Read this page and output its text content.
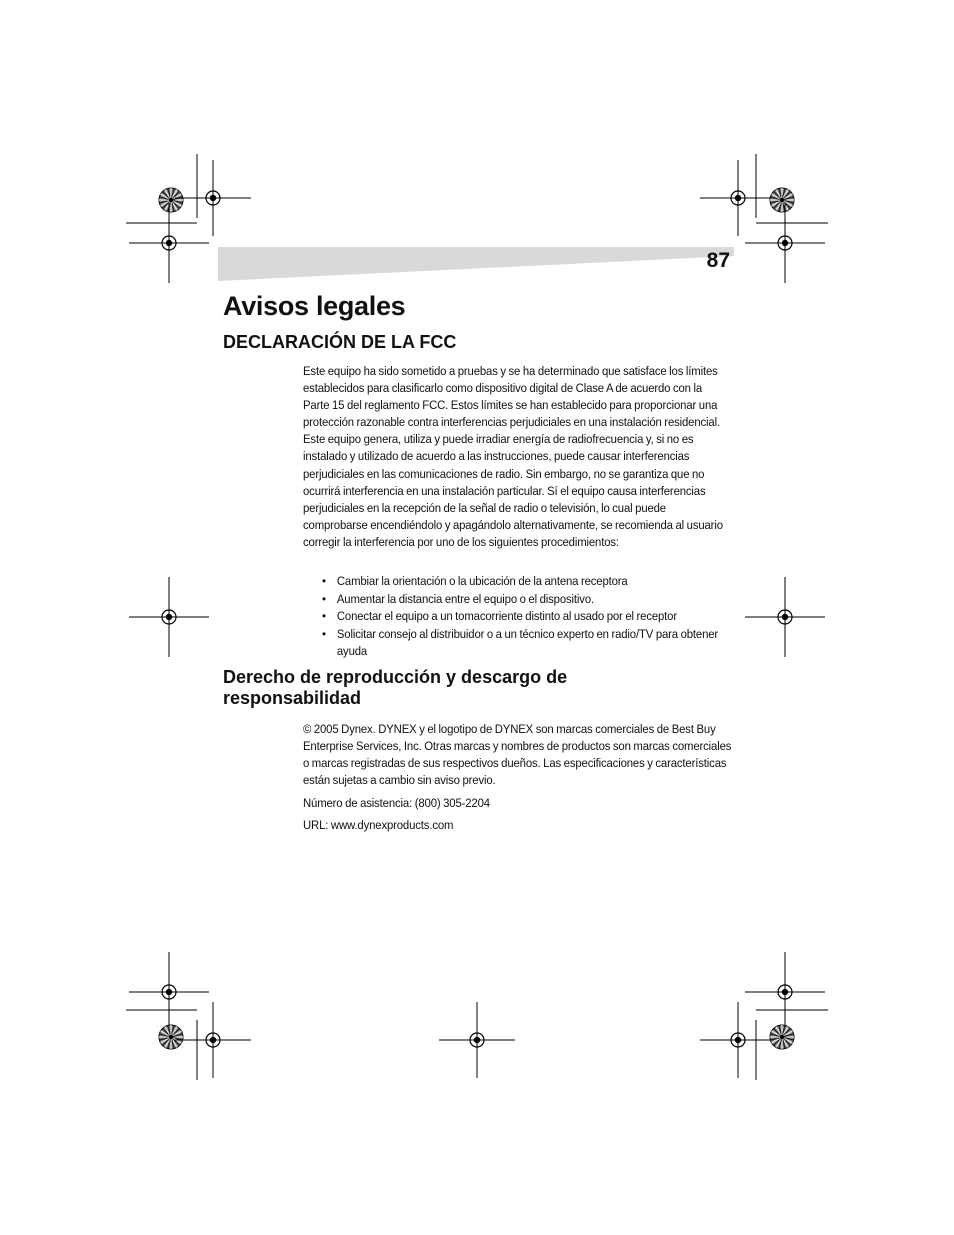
87
Avisos legales
DECLARACIÓN DE LA FCC

Este equipo ha sido sometido a pruebas y se ha determinado que satisface los límites establecidos para clasificarlo como dispositivo digital de Clase A de acuerdo con la Parte 15 del reglamento FCC. Estos límites se han establecido para proporcionar una protección razonable contra interferencias perjudiciales en una instalación residencial. Este equipo genera, utiliza y puede irradiar energía de radiofrecuencia y, si no es instalado y utilizado de acuerdo a las instrucciones, puede causar interferencias perjudiciales en las comunicaciones de radio. Sin embargo, no se garantiza que no ocurrirá interferencia en una instalación particular. Sí el equipo causa interferencias perjudiciales en la recepción de la señal de radio o televisión, lo cual puede comprobarse encendiéndolo y apagándolo alternativamente, se recomienda al usuario corregir la interferencia por uno de los siguientes procedimientos:

• Cambiar la orientación o la ubicación de la antena receptora
• Aumentar la distancia entre el equipo o el dispositivo.
• Conectar el equipo a un tomacorriente distinto al usado por el receptor
• Solicitar consejo al distribuidor o a un técnico experto en radio/TV para obtener ayuda
Derecho de reproducción y descargo de responsabilidad

© 2005 Dynex. DYNEX y el logotipo de DYNEX son marcas comerciales de Best Buy Enterprise Services, Inc. Otras marcas y nombres de productos son marcas comerciales o marcas registradas de sus respectivos dueños. Las especificaciones y características están sujetas a cambio sin aviso previo.

Número de asistencia: (800) 305-2204

URL: www.dynexproducts.com
